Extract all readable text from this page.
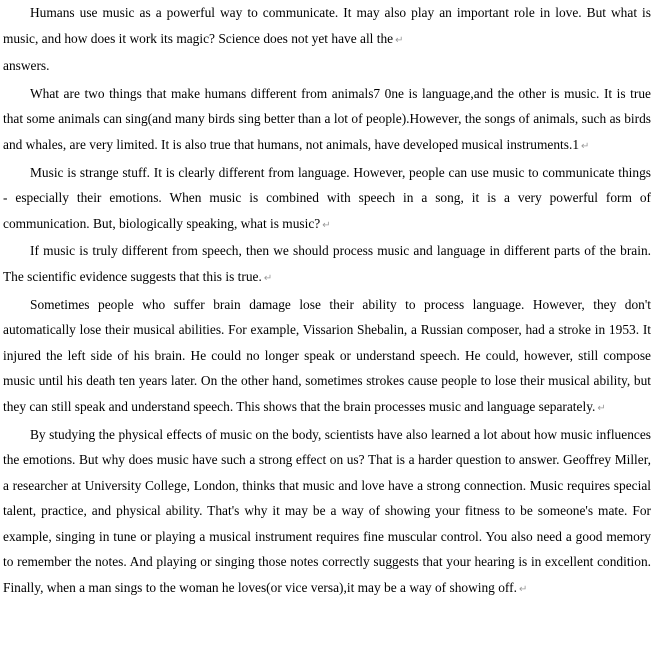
Humans use music as a powerful way to communicate. It may also play an important role in love. But what is music, and how does it work its magic? Science does not yet have all the ↵

answers.

What are two things that make humans different from animals7 0ne is language,and the other is music. It is true that some animals can sing(and many birds sing better than a lot of people).However, the songs of animals, such as birds and whales, are very limited. It is also true that humans, not animals, have developed musical instruments.1 ↵

Music is strange stuff. It is clearly different from language. However, people can use music to communicate things - especially their emotions. When music is combined with speech in a song, it is a very powerful form of communication. But, biologically speaking, what is music? ↵

If music is truly different from speech, then we should process music and language in different parts of the brain. The scientific evidence suggests that this is true. ↵

Sometimes people who suffer brain damage lose their ability to process language. However, they don't automatically lose their musical abilities. For example, Vissarion Shebalin, a Russian composer, had a stroke in 1953. It injured the left side of his brain. He could no longer speak or understand speech. He could, however, still compose music until his death ten years later. On the other hand, sometimes strokes cause people to lose their musical ability, but they can still speak and understand speech. This shows that the brain processes music and language separately. ↵

By studying the physical effects of music on the body, scientists have also learned a lot about how music influences the emotions. But why does music have such a strong effect on us? That is a harder question to answer. Geoffrey Miller, a researcher at University College, London, thinks that music and love have a strong connection. Music requires special talent, practice, and physical ability. That's why it may be a way of showing your fitness to be someone's mate. For example, singing in tune or playing a musical instrument requires fine muscular control. You also need a good memory to remember the notes. And playing or singing those notes correctly suggests that your hearing is in excellent condition. Finally, when a man sings to the woman he loves(or vice versa),it may be a way of showing off. ↵
